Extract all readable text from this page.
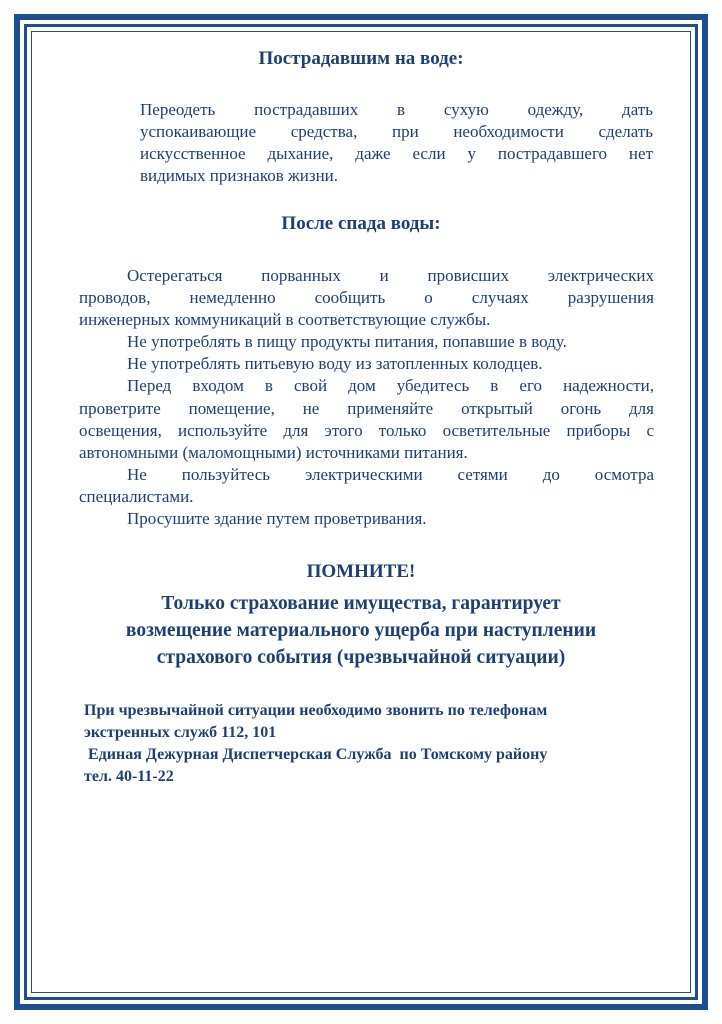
Пострадавшим на воде:

Переодеть пострадавших в сухую одежду, дать

успокаивающие средства, при необходимости сделать

искусственное дыхание, даже если у пострадавшего нет

видимых признаков жизни.

После спада воды:

Остерегаться порванных и провисших электрических

проводов, немедленно сообщить о случаях разрушения

инженерных коммуникаций в соответствующие службы.

Не употреблять в пищу продукты питания, попавшие в воду.

Не употреблять питьевую воду из затопленных колодцев.

Перед входом в свой дом убедитесь в его надежности,

проветрите помещение, не применяйте открытый огонь для

освещения, используйте для этого только осветительные приборы с

автономными (маломощными) источниками питания.

Не пользуйтесь электрическими сетями до осмотра

специалистами.

Просушите здание путем проветривания.

ПОМНИТЕ!

Только страхование имущества, гарантирует

возмещение материального ущерба при наступлении

страхового события (чрезвычайной ситуации)

При чрезвычайной ситуации необходимо звонить по телефонам

экстренных служб 112, 101

Единая Дежурная Диспетчерская Служба  по Томскому району

тел. 40-11-22
